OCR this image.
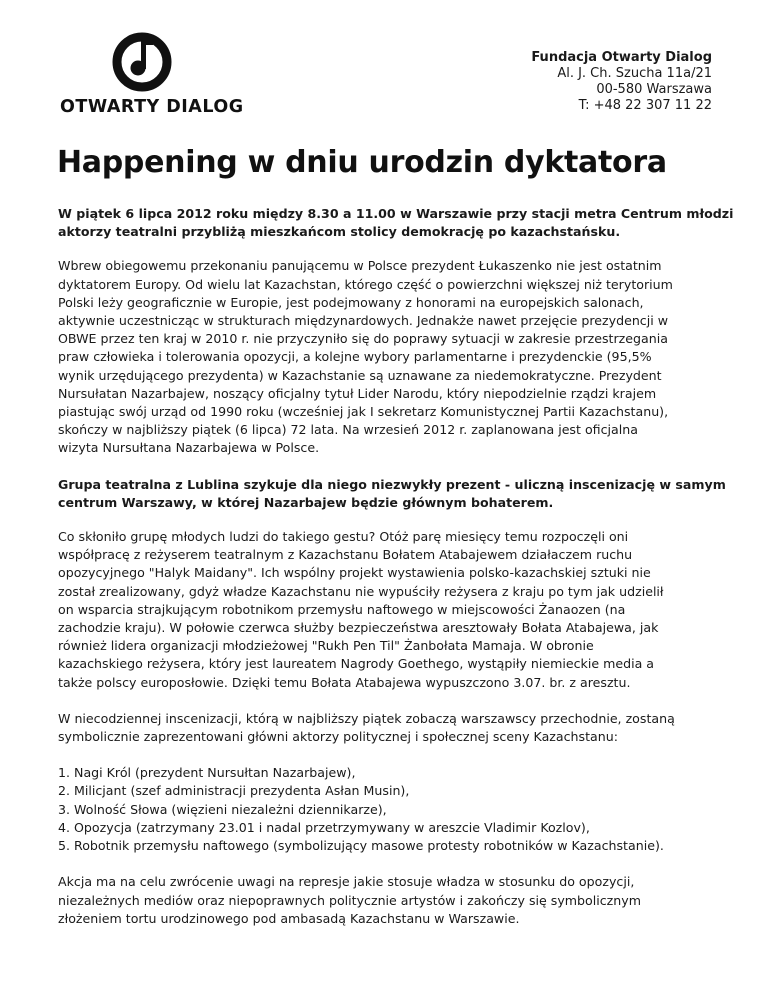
OTWARTY DIALOG
Fundacja Otwarty Dialog
Al. J. Ch. Szucha 11a/21
00-580 Warszawa
T: +48 22 307 11 22
Happening w dniu urodzin dyktatora

W piątek 6 lipca 2012 roku między 8.30 a 11.00 w Warszawie przy stacji metra Centrum młodzi
aktorzy teatralni przybliżą mieszkańcom stolicy demokrację po kazachstańsku.

Wbrew obiegowemu przekonaniu panującemu w Polsce prezydent Łukaszenko nie jest ostatnim
dyktatorem Europy. Od wielu lat Kazachstan, którego część o powierzchni większej niż terytorium
Polski leży geograficznie w Europie, jest podejmowany z honorami na europejskich salonach,
aktywnie uczestnicząc w strukturach międzynardowych. Jednakże nawet przejęcie prezydencji w
OBWE przez ten kraj w 2010 r. nie przyczyniło się do poprawy sytuacji w zakresie przestrzegania
praw człowieka i tolerowania opozycji, a kolejne wybory parlamentarne i prezydenckie (95,5%
wynik urzędującego prezydenta) w Kazachstanie są uznawane za niedemokratyczne. Prezydent
Nursułatan Nazarbajew, noszący oficjalny tytuł Lider Narodu, który niepodzielnie rządzi krajem
piastując swój urząd od 1990 roku (wcześniej jak I sekretarz Komunistycznej Partii Kazachstanu),
skończy w najbliższy piątek (6 lipca) 72 lata. Na wrzesień 2012 r. zaplanowana jest oficjalna
wizyta Nursułtana Nazarbajewa w Polsce.

Grupa teatralna z Lublina szykuje dla niego niezwykły prezent - uliczną inscenizację w samym
centrum Warszawy, w której Nazarbajew będzie głównym bohaterem.

Co skłoniło grupę młodych ludzi do takiego gestu? Otóż parę miesięcy temu rozpoczęli oni
współpracę z reżyserem teatralnym z Kazachstanu Bołatem Atabajewem działaczem ruchu
opozycyjnego "Halyk Maidany". Ich wspólny projekt wystawienia polsko-kazachskiej sztuki nie
został zrealizowany, gdyż władze Kazachstanu nie wypuściły reżysera z kraju po tym jak udzielił
on wsparcia strajkującym robotnikom przemysłu naftowego w miejscowości Żanaozen (na
zachodzie kraju). W połowie czerwca służby bezpieczeństwa aresztowały Bołata Atabajewa, jak
również lidera organizacji młodzieżowej "Rukh Pen Til" Żanbołata Mamaja. W obronie
kazachskiego reżysera, który jest laureatem Nagrody Goethego, wystąpiły niemieckie media a
także polscy europosłowie. Dzięki temu Bołata Atabajewa wypuszczono 3.07. br. z aresztu.

W niecodziennej inscenizacji, którą w najbliższy piątek zobaczą warszawscy przechodnie, zostaną
symbolicznie zaprezentowani główni aktorzy politycznej i społecznej sceny Kazachstanu:

1. Nagi Król (prezydent Nursułtan Nazarbajew),
2. Milicjant (szef administracji prezydenta Asłan Musin),
3. Wolność Słowa (więzieni niezależni dziennikarze),
4. Opozycja (zatrzymany 23.01 i nadal przetrzymywany w areszcie Vladimir Kozlov),
5. Robotnik przemysłu naftowego (symbolizujący masowe protesty robotników w Kazachstanie).

Akcja ma na celu zwrócenie uwagi na represje jakie stosuje władza w stosunku do opozycji,
niezależnych mediów oraz niepoprawnych politycznie artystów i zakończy się symbolicznym
złożeniem tortu urodzinowego pod ambasadą Kazachstanu w Warszawie.
